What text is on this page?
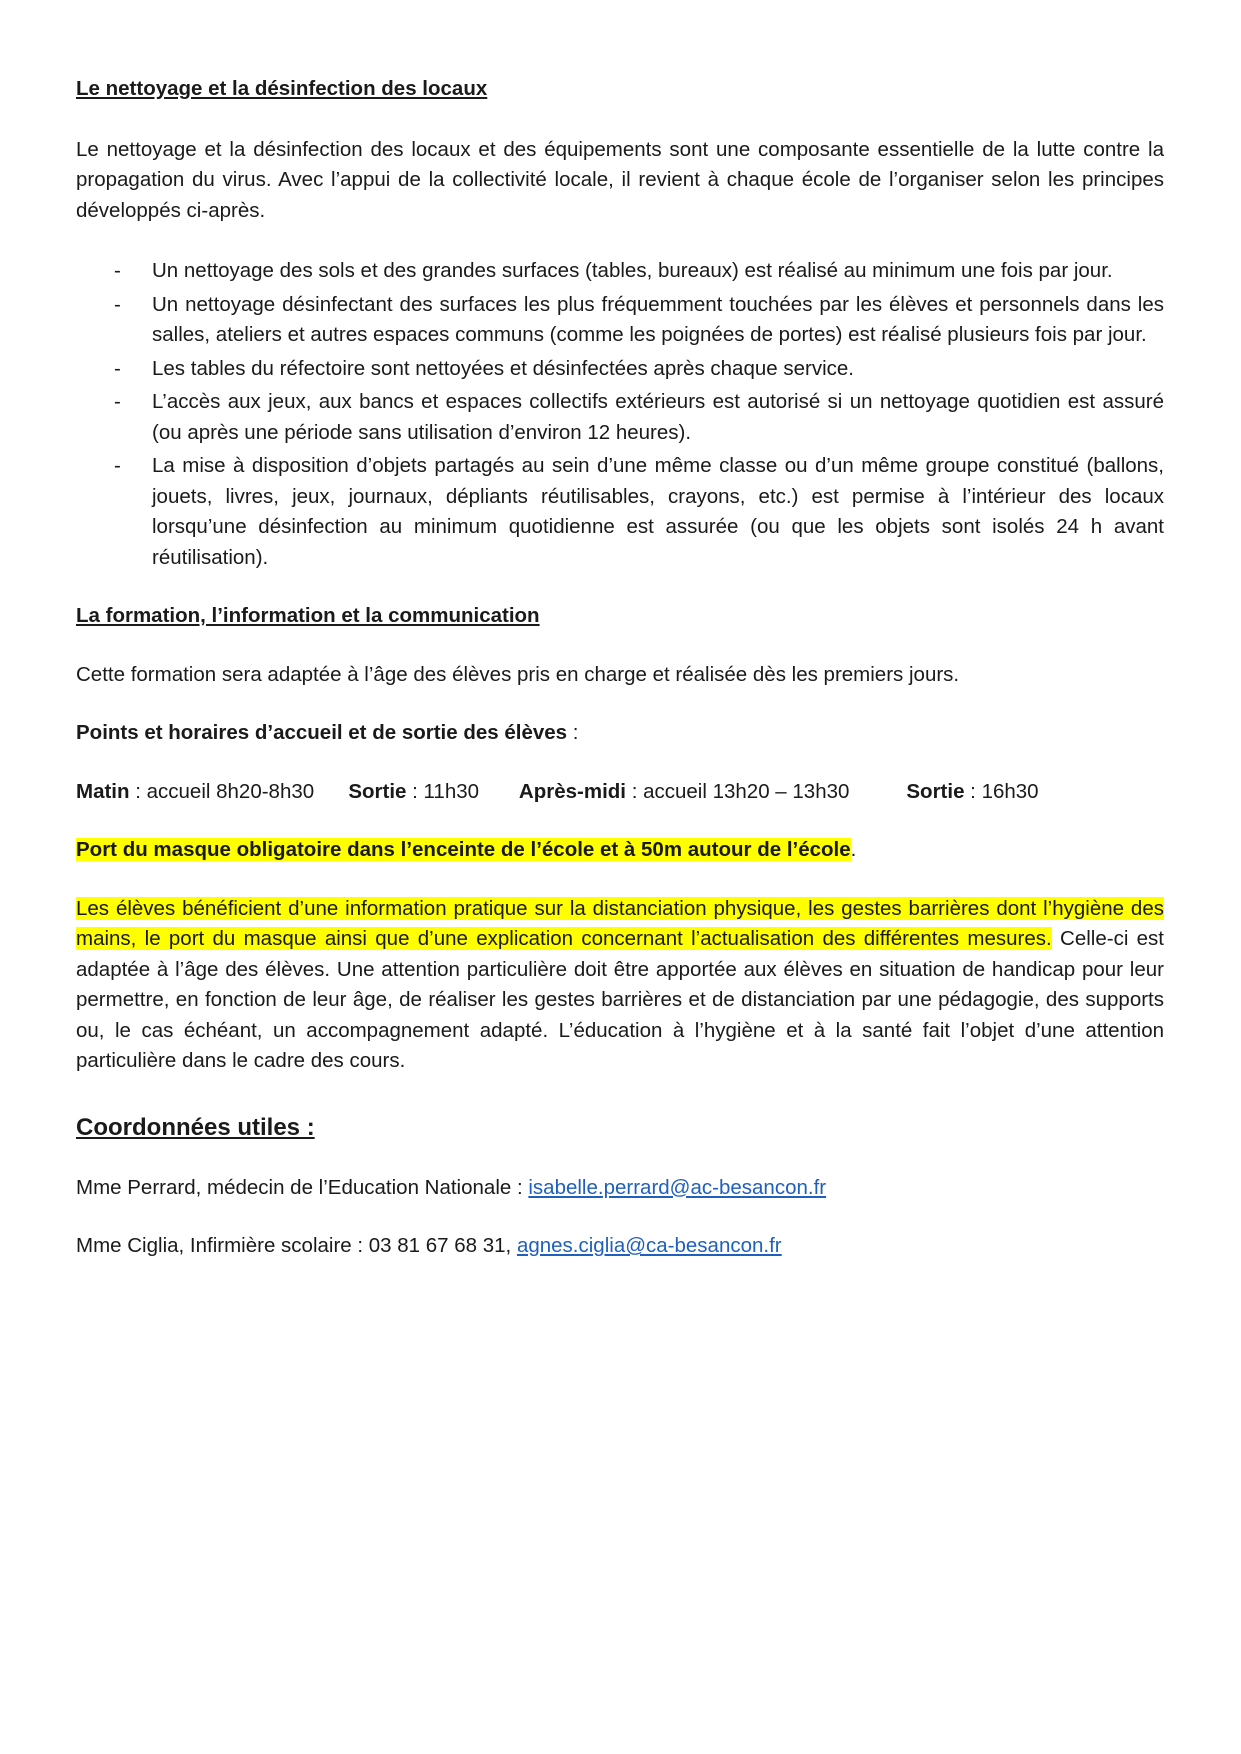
Le nettoyage et la désinfection des locaux

Le nettoyage et la désinfection des locaux et des équipements sont une composante essentielle de la lutte contre la propagation du virus. Avec l’appui de la collectivité locale, il revient à chaque école de l’organiser selon les principes développés ci-après.

- Un nettoyage des sols et des grandes surfaces (tables, bureaux) est réalisé au minimum une fois par jour.
- Un nettoyage désinfectant des surfaces les plus fréquemment touchées par les élèves et personnels dans les salles, ateliers et autres espaces communs (comme les poignées de portes) est réalisé plusieurs fois par jour.
- Les tables du réfectoire sont nettoyées et désinfectées après chaque service.
- L’accès aux jeux, aux bancs et espaces collectifs extérieurs est autorisé si un nettoyage quotidien est assuré (ou après une période sans utilisation d’environ 12 heures).
- La mise à disposition d’objets partagés au sein d’une même classe ou d’un même groupe constitué (ballons, jouets, livres, jeux, journaux, dépliants réutilisables, crayons, etc.) est permise à l’intérieur des locaux lorsqu’une désinfection au minimum quotidienne est assurée (ou que les objets sont isolés 24 h avant réutilisation).

La formation, l’information et la communication

Cette formation sera adaptée à l’âge des élèves pris en charge et réalisée dès les premiers jours.

Points et horaires d’accueil et de sortie des élèves :

Matin : accueil 8h20-8h30 Sortie : 11h30 Après-midi : accueil 13h20 – 13h30	Sortie : 16h30

Port du masque obligatoire dans l’enceinte de l’école et à 50m autour de l’école.

Les élèves bénéficient d’une information pratique sur la distanciation physique, les gestes barrières dont l’hygiène des mains, le port du masque ainsi que d’une explication concernant l’actualisation des différentes mesures. Celle-ci est adaptée à l’âge des élèves. Une attention particulière doit être apportée aux élèves en situation de handicap pour leur permettre, en fonction de leur âge, de réaliser les gestes barrières et de distanciation par une pédagogie, des supports ou, le cas échéant, un accompagnement adapté. L’éducation à l’hygiène et à la santé fait l’objet d’une attention particulière dans le cadre des cours.

Coordonnées utiles :

Mme Perrard, médecin de l’Education Nationale : isabelle.perrard@ac-besancon.fr

Mme Ciglia, Infirmière scolaire : 03 81 67 68 31, agnes.ciglia@ca-besancon.fr
